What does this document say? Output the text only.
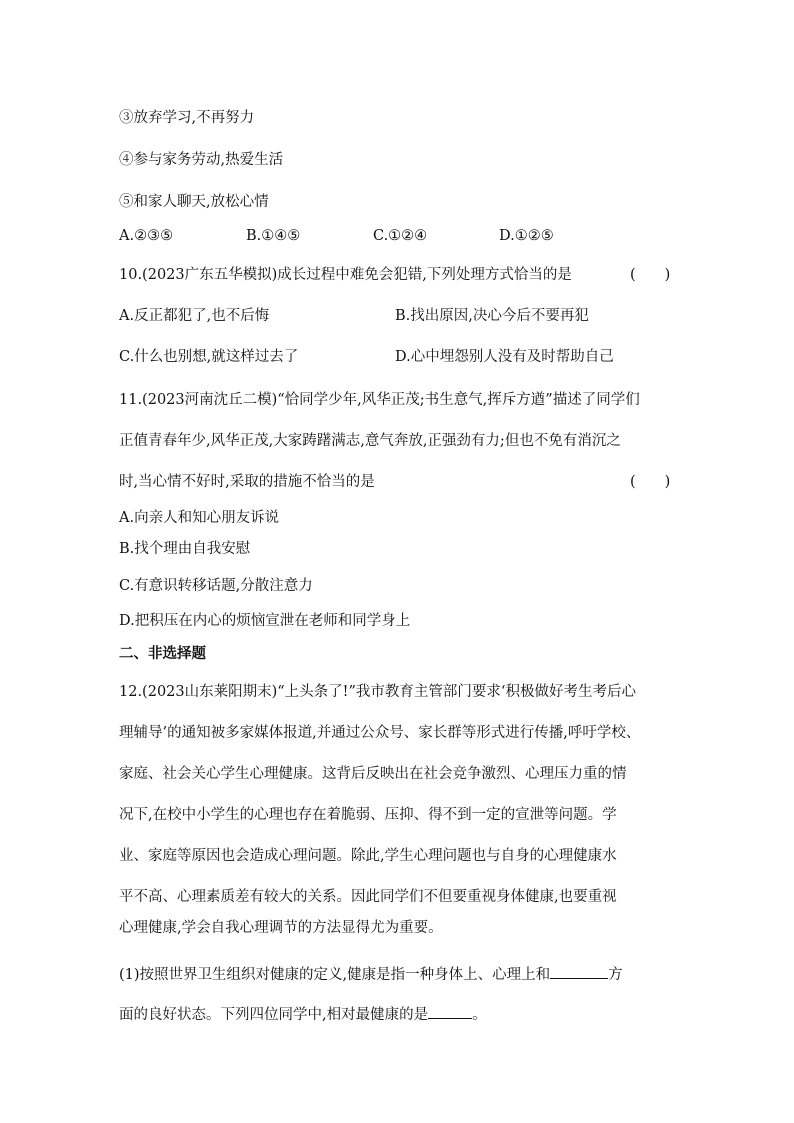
③放弃学习,不再努力
④参与家务劳动,热爱生活
⑤和家人聊天,放松心情
A.②③⑤	B.①④⑤	C.①②④	D.①②⑤
10.(2023广东五华模拟)成长过程中难免会犯错,下列处理方式恰当的是	(　　)
A.反正都犯了,也不后悔	B.找出原因,决心今后不要再犯
C.什么也别想,就这样过去了	D.心中埋怨别人没有及时帮助自己
11.(2023河南沈丘二模)“恰同学少年,风华正茂;书生意气,挥斥方遒”描述了同学们
正值青春年少,风华正茂,大家踌躇满志,意气奔放,正强劲有力;但也不免有消沉之
时,当心情不好时,采取的措施不恰当的是	(　　)
A.向亲人和知心朋友诉说
B.找个理由自我安慰
C.有意识转移话题,分散注意力
D.把积压在内心的烦恼宣泄在老师和同学身上
二、非选择题
12.(2023山东莱阳期末)“上头条了!”我市教育主管部门要求‘积极做好考生考后心
理辅导’的通知被多家媒体报道,并通过公众号、家长群等形式进行传播,呼吁学校、
家庭、社会关心学生心理健康。这背后反映出在社会竞争激烈、心理压力重的情
况下,在校中小学生的心理也存在着脆弱、压抑、得不到一定的宣泄等问题。学
业、家庭等原因也会造成心理问题。除此,学生心理问题也与自身的心理健康水
平不高、心理素质差有较大的关系。因此同学们不但要重视身体健康,也要重视
心理健康,学会自我心理调节的方法显得尤为重要。
(1)按照世界卫生组织对健康的定义,健康是指一种身体上、心理上和	方
面的良好状态。下列四位同学中,相对最健康的是	。
